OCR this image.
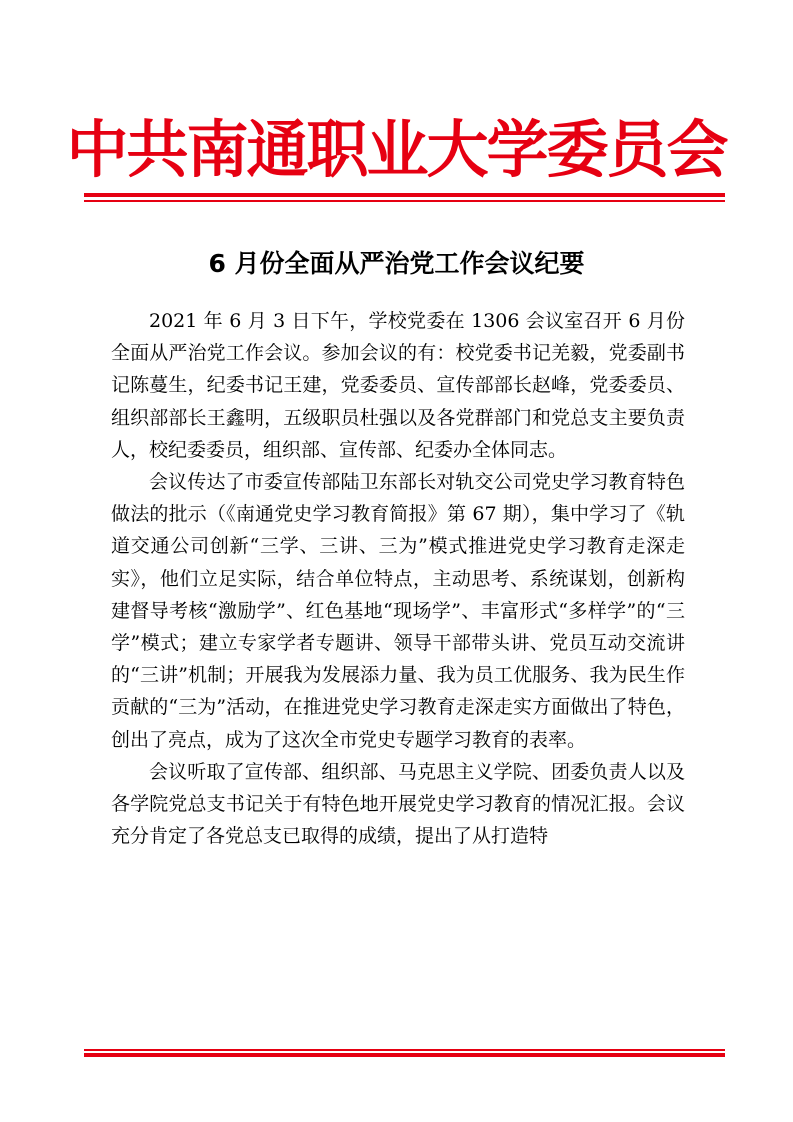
中共南通职业大学委员会
6 月份全面从严治党工作会议纪要

2021 年 6 月 3 日下午，学校党委在 1306 会议室召开 6 月份全面从严治党工作会议。参加会议的有：校党委书记羌毅，党委副书记陈蔓生，纪委书记王建，党委委员、宣传部部长赵峰，党委委员、组织部部长王鑫明，五级职员杜强以及各党群部门和党总支主要负责人，校纪委委员，组织部、宣传部、纪委办全体同志。

会议传达了市委宣传部陆卫东部长对轨交公司党史学习教育特色做法的批示（《南通党史学习教育简报》第 67 期），集中学习了《轨道交通公司创新“三学、三讲、三为”模式推进党史学习教育走深走实》，他们立足实际，结合单位特点，主动思考、系统谋划，创新构建督导考核“激励学”、红色基地“现场学”、丰富形式“多样学”的“三学”模式；建立专家学者专题讲、领导干部带头讲、党员互动交流讲的“三讲”机制；开展我为发展添力量、我为员工优服务、我为民生作贡献的“三为”活动，在推进党史学习教育走深走实方面做出了特色，创出了亮点，成为了这次全市党史专题学习教育的表率。

会议听取了宣传部、组织部、马克思主义学院、团委负责人以及各学院党总支书记关于有特色地开展党史学习教育的情况汇报。会议充分肯定了各党总支已取得的成绩，提出了从打造特
